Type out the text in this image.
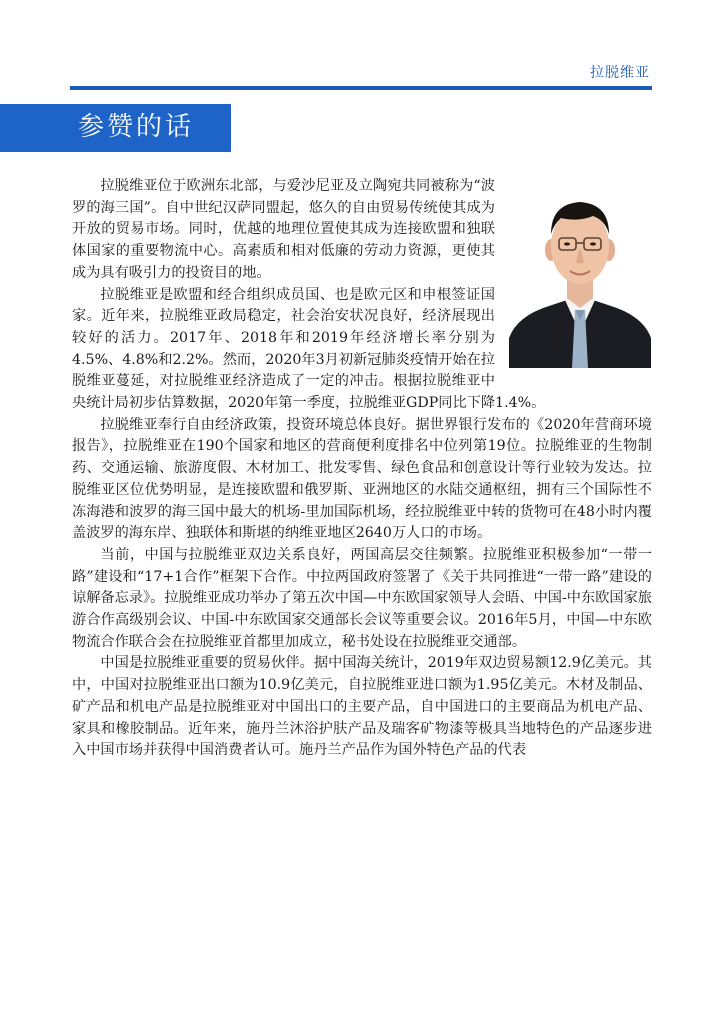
拉脱维亚
参赞的话

拉脱维亚位于欧洲东北部，与爱沙尼亚及立陶宛共同被称为“波罗的海三国”。自中世纪汉萨同盟起，悠久的自由贸易传统使其成为开放的贸易市场。同时，优越的地理位置使其成为连接欧盟和独联体国家的重要物流中心。高素质和相对低廉的劳动力资源，更使其成为具有吸引力的投资目的地。

拉脱维亚是欧盟和经合组织成员国、也是欧元区和申根签证国家。近年来，拉脱维亚政局稳定，社会治安状况良好，经济展现出较好的活力。2017年、2018年和2019年经济增长率分别为4.5%、4.8%和2.2%。然而，2020年3月初新冠肺炎疫情开始在拉脱维亚蔓延，对拉脱维亚经济造成了一定的冲击。根据拉脱维亚中央统计局初步估算数据，2020年第一季度，拉脱维亚GDP同比下降1.4%。

拉脱维亚奉行自由经济政策，投资环境总体良好。据世界银行发布的《2020年营商环境报告》，拉脱维亚在190个国家和地区的营商便利度排名中位列第19位。拉脱维亚的生物制药、交通运输、旅游度假、木材加工、批发零售、绿色食品和创意设计等行业较为发达。拉脱维亚区位优势明显，是连接欧盟和俄罗斯、亚洲地区的水陆交通枢纽，拥有三个国际性不冻海港和波罗的海三国中最大的机场-里加国际机场，经拉脱维亚中转的货物可在48小时内覆盖波罗的海东岸、独联体和斯堪的纳维亚地区2640万人口的市场。

当前，中国与拉脱维亚双边关系良好，两国高层交往频繁。拉脱维亚积极参加“一带一路”建设和“17+1合作”框架下合作。中拉两国政府签署了《关于共同推进“一带一路”建设的谅解备忘录》。拉脱维亚成功举办了第五次中国—中东欧国家领导人会晤、中国-中东欧国家旅游合作高级别会议、中国-中东欧国家交通部长会议等重要会议。2016年5月，中国—中东欧物流合作联合会在拉脱维亚首都里加成立，秘书处设在拉脱维亚交通部。

中国是拉脱维亚重要的贸易伙伴。据中国海关统计，2019年双边贸易额12.9亿美元。其中，中国对拉脱维亚出口额为10.9亿美元，自拉脱维亚进口额为1.95亿美元。木材及制品、矿产品和机电产品是拉脱维亚对中国出口的主要产品，自中国进口的主要商品为机电产品、家具和橡胶制品。近年来，施丹兰沐浴护肤产品及瑞客矿物漆等极具当地特色的产品逐步进入中国市场并获得中国消费者认可。施丹兰产品作为国外特色产品的代表
